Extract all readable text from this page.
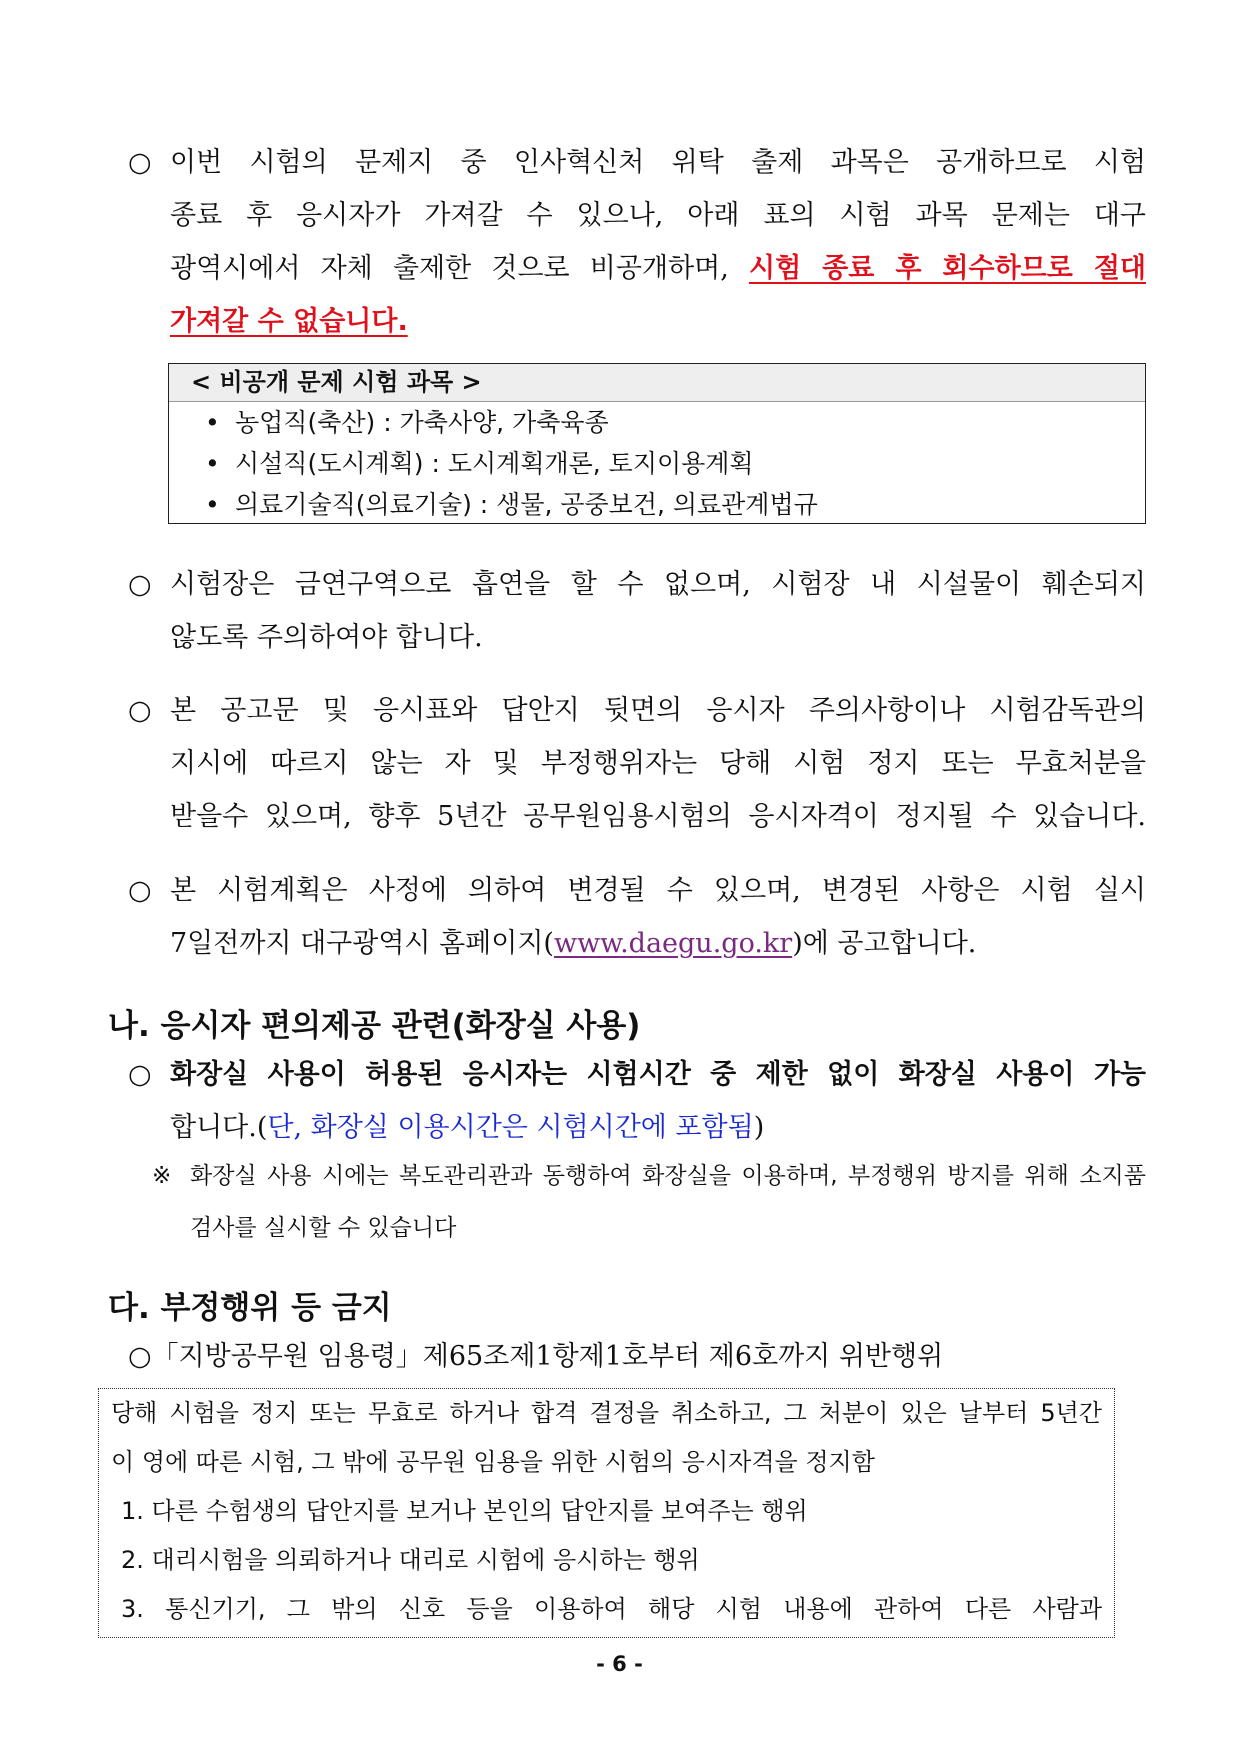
○ 이번 시험의 문제지 중 인사혁신처 위탁 출제 과목은 공개하므로 시험
종료 후 응시자가 가져갈 수 있으나, 아래 표의 시험 과목 문제는 대구
광역시에서 자체 출제한 것으로 비공개하며, 시험 종료 후 회수하므로 절대
가져갈 수 없습니다.
< 비공개 문제 시험 과목 >
• 농업직(축산) : 가축사양, 가축육종
• 시설직(도시계획) : 도시계획개론, 토지이용계획
• 의료기술직(의료기술) : 생물, 공중보건, 의료관계법규
○ 시험장은 금연구역으로 흡연을 할 수 없으며, 시험장 내 시설물이 훼손되지
않도록 주의하여야 합니다.
○ 본 공고문 및 응시표와 답안지 뒷면의 응시자 주의사항이나 시험감독관의
지시에 따르지 않는 자 및 부정행위자는 당해 시험 정지 또는 무효처분을
받을수 있으며, 향후 5년간 공무원임용시험의 응시자격이 정지될 수 있습니다.
○ 본 시험계획은 사정에 의하여 변경될 수 있으며, 변경된 사항은 시험 실시
7일전까지 대구광역시 홈페이지( www.daegu.go.kr )에 공고합니다.
나. 응시자 편의제공 관련(화장실 사용)
○ 화장실 사용이 허용된 응시자는 시험시간 중 제한 없이 화장실 사용이 가능
합니다.( 단, 화장실 이용시간은 시험시간에 포함됨 )
※ 화장실 사용 시에는 복도관리관과 동행하여 화장실을 이용하며, 부정행위 방지를 위해 소지품
검사를 실시할 수 있습니다
다. 부정행위 등 금지
○「지방공무원 임용령」제65조제1항제1호부터 제6호까지 위반행위
당해 시험을 정지 또는 무효로 하거나 합격 결정을 취소하고, 그 처분이 있은 날부터 5년간
이 영에 따른 시험, 그 밖에 공무원 임용을 위한 시험의 응시자격을 정지함
1. 다른 수험생의 답안지를 보거나 본인의 답안지를 보여주는 행위
2. 대리시험을 의뢰하거나 대리로 시험에 응시하는 행위
3. 통신기기, 그 밖의 신호 등을 이용하여 해당 시험 내용에 관하여 다른 사람과
- 6 -
